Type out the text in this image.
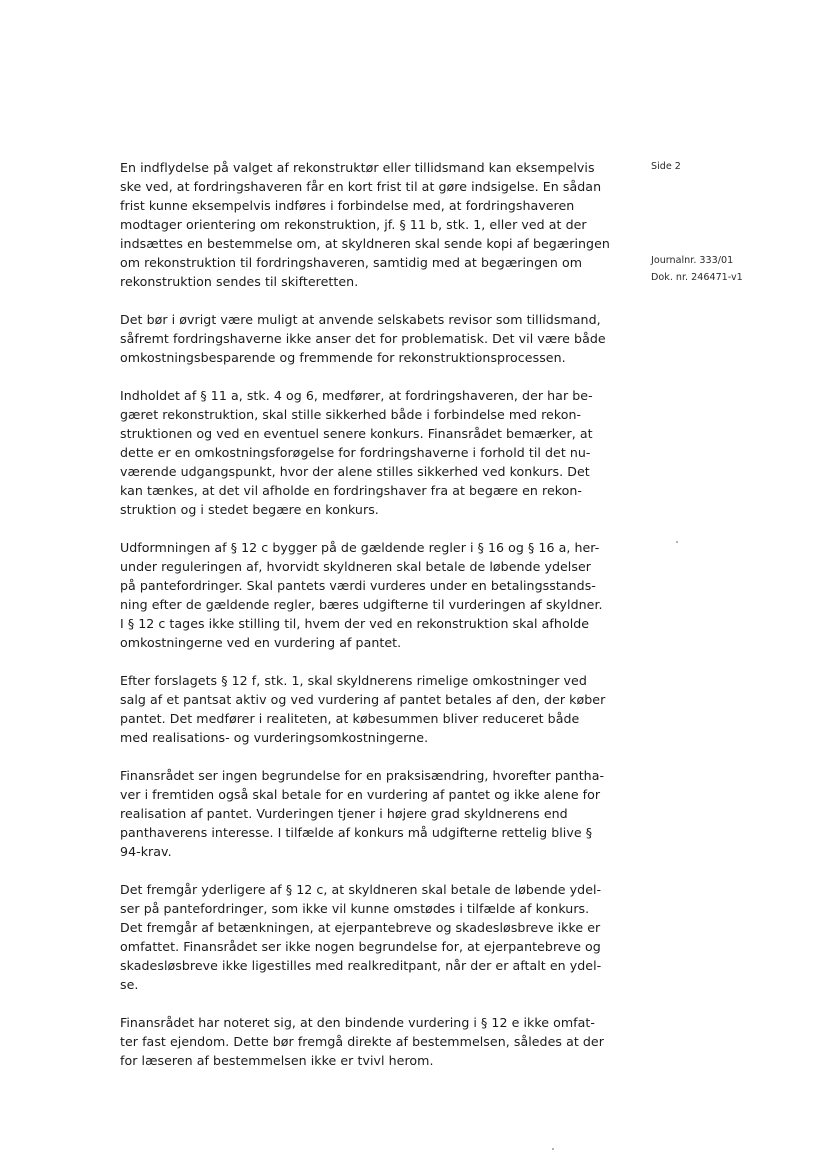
En indflydelse på valget af rekonstruktør eller tillidsmand kan eksempelvis
ske ved, at fordringshaveren får en kort frist til at gøre indsigelse. En sådan
frist kunne eksempelvis indføres i forbindelse med, at fordringshaveren
modtager orientering om rekonstruktion, jf. § 11 b, stk. 1, eller ved at der
indsættes en bestemmelse om, at skyldneren skal sende kopi af begæringen
om rekonstruktion til fordringshaveren, samtidig med at begæringen om
rekonstruktion sendes til skifteretten.

Det bør i øvrigt være muligt at anvende selskabets revisor som tillidsmand,
såfremt fordringshaverne ikke anser det for problematisk. Det vil være både
omkostningsbesparende og fremmende for rekonstruktionsprocessen.

Indholdet af § 11 a, stk. 4 og 6, medfører, at fordringshaveren, der har be-
gæret rekonstruktion, skal stille sikkerhed både i forbindelse med rekon-
struktionen og ved en eventuel senere konkurs. Finansrådet bemærker, at
dette er en omkostningsforøgelse for fordringshaverne i forhold til det nu-
værende udgangspunkt, hvor der alene stilles sikkerhed ved konkurs. Det
kan tænkes, at det vil afholde en fordringshaver fra at begære en rekon-
struktion og i stedet begære en konkurs.

Udformningen af § 12 c bygger på de gældende regler i § 16 og § 16 a, her-
under reguleringen af, hvorvidt skyldneren skal betale de løbende ydelser
på pantefordringer. Skal pantets værdi vurderes under en betalingsstands-
ning efter de gældende regler, bæres udgifterne til vurderingen af skyldner.
I § 12 c tages ikke stilling til, hvem der ved en rekonstruktion skal afholde
omkostningerne ved en vurdering af pantet.

Efter forslagets § 12 f, stk. 1, skal skyldnerens rimelige omkostninger ved
salg af et pantsat aktiv og ved vurdering af pantet betales af den, der køber
pantet. Det medfører i realiteten, at købesummen bliver reduceret både
med realisations- og vurderingsomkostningerne.

Finansrådet ser ingen begrundelse for en praksisændring, hvorefter pantha-
ver i fremtiden også skal betale for en vurdering af pantet og ikke alene for
realisation af pantet. Vurderingen tjener i højere grad skyldnerens end
panthaverens interesse. I tilfælde af konkurs må udgifterne rettelig blive §
94-krav.

Det fremgår yderligere af § 12 c, at skyldneren skal betale de løbende ydel-
ser på pantefordringer, som ikke vil kunne omstødes i tilfælde af konkurs.
Det fremgår af betænkningen, at ejerpantebreve og skadesløsbreve ikke er
omfattet. Finansrådet ser ikke nogen begrundelse for, at ejerpantebreve og
skadesløsbreve ikke ligestilles med realkreditpant, når der er aftalt en ydel-
se.

Finansrådet har noteret sig, at den bindende vurdering i § 12 e ikke omfat-
ter fast ejendom. Dette bør fremgå direkte af bestemmelsen, således at der
for læseren af bestemmelsen ikke er tvivl herom.

Side 2
Journalnr. 333/01
Dok. nr. 246471-v1
